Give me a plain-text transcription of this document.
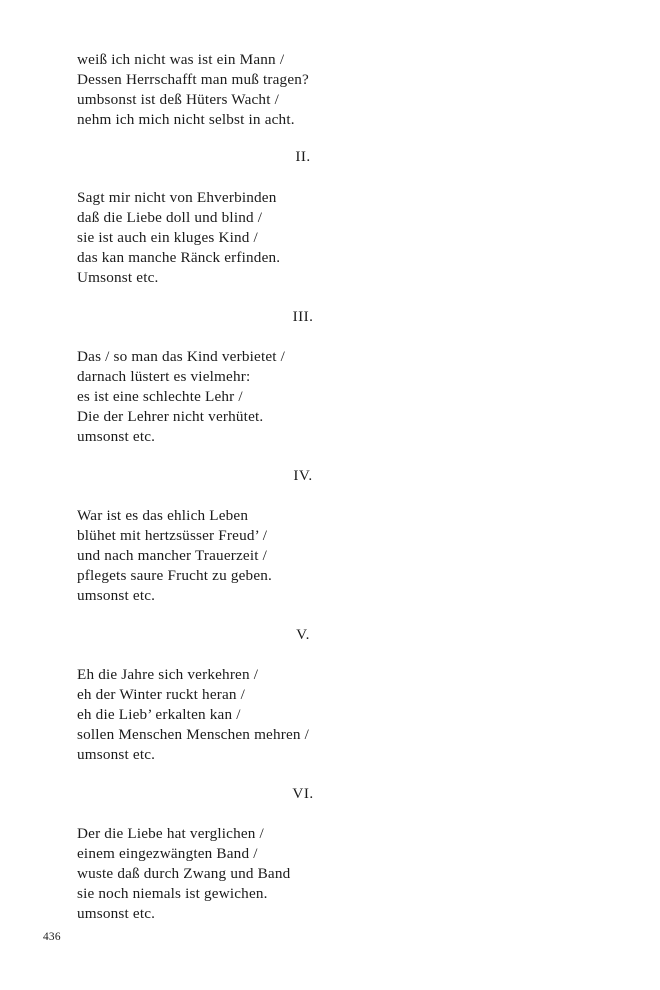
weiß ich nicht was ist ein Mann /
Dessen Herrschafft man muß tragen?
umbsonst ist deß Hüters Wacht /
nehm ich mich nicht selbst in acht.
II.
Sagt mir nicht von Ehverbinden
daß die Liebe doll und blind /
sie ist auch ein kluges Kind /
das kan manche Ränck erfinden.
Umsonst etc.
III.
Das / so man das Kind verbietet /
darnach lüstert es vielmehr:
es ist eine schlechte Lehr /
Die der Lehrer nicht verhütet.
umsonst etc.
IV.
War ist es das ehlich Leben
blühet mit hertzsüsser Freud’ /
und nach mancher Trauerzeit /
pflegets saure Frucht zu geben.
umsonst etc.
V.
Eh die Jahre sich verkehren /
eh der Winter ruckt heran /
eh die Lieb’ erkalten kan /
sollen Menschen Menschen mehren /
umsonst etc.
VI.
Der die Liebe hat verglichen /
einem eingezwängten Band /
wuste daß durch Zwang und Band
sie noch niemals ist gewichen.
umsonst etc.
436
